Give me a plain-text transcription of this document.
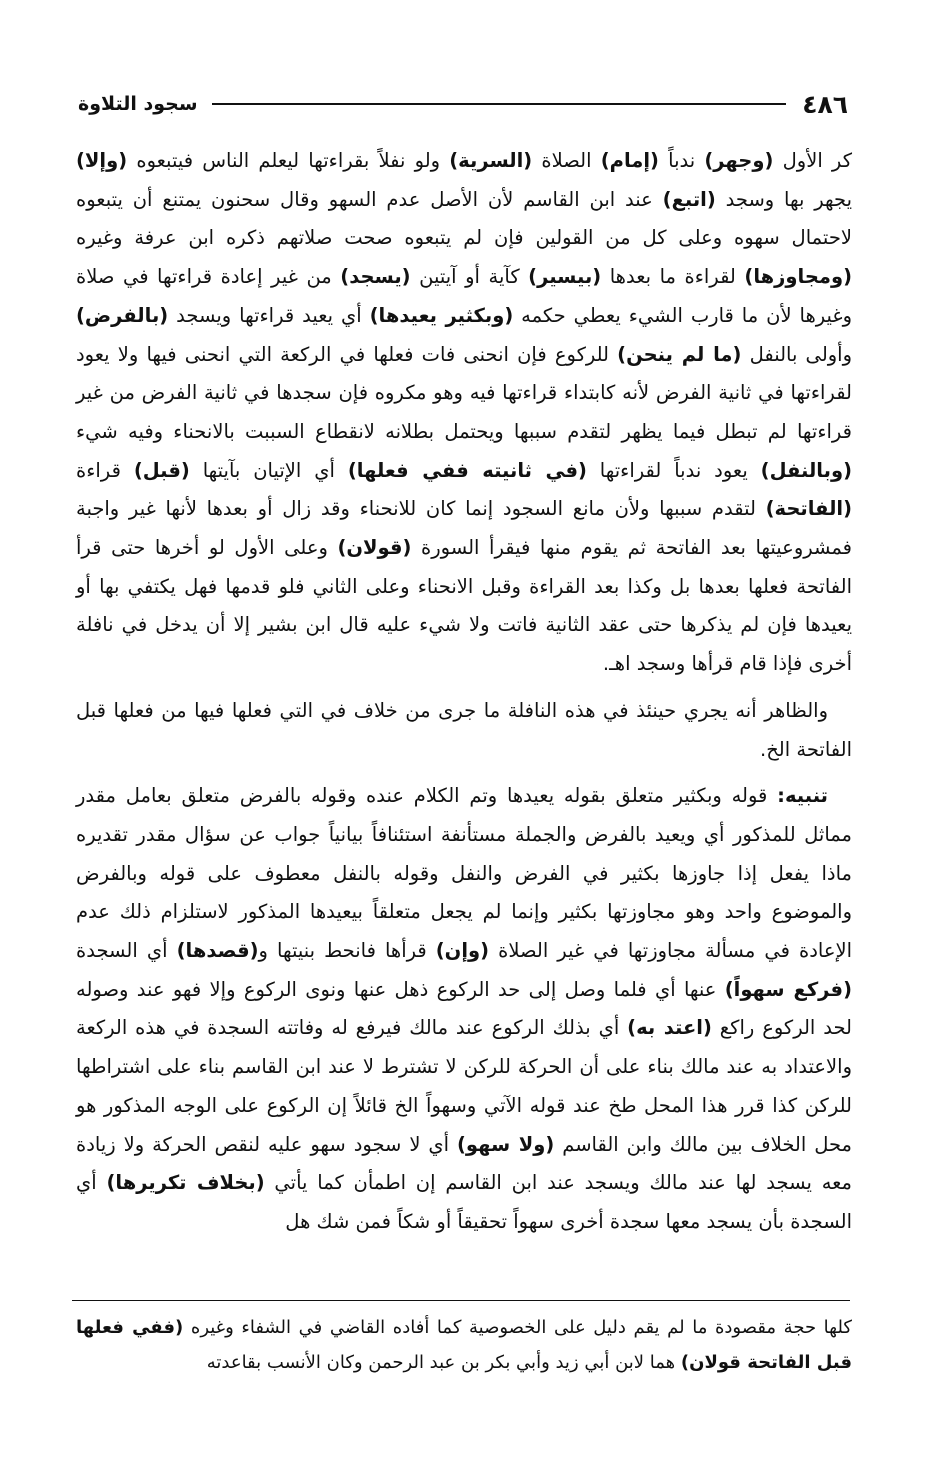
٤٨٦
سجود التلاوة

كر الأول (وجهر) ندباً (إمام) الصلاة (السرية) ولو نفلاً بقراءتها ليعلم الناس فيتبعوه (وإلا) يجهر بها وسجد (اتبع) عند ابن القاسم لأن الأصل عدم السهو وقال سحنون يمتنع أن يتبعوه لاحتمال سهوه وعلى كل من القولين فإن لم يتبعوه صحت صلاتهم ذكره ابن عرفة وغيره (ومجاوزها) لقراءة ما بعدها (بيسير) كآية أو آيتين (يسجد) من غير إعادة قراءتها في صلاة وغيرها لأن ما قارب الشيء يعطي حكمه (وبكثير يعيدها) أي يعيد قراءتها ويسجد (بالفرض) وأولى بالنفل (ما لم ينحن) للركوع فإن انحنى فات فعلها في الركعة التي انحنى فيها ولا يعود لقراءتها في ثانية الفرض لأنه كابتداء قراءتها فيه وهو مكروه فإن سجدها في ثانية الفرض من غير قراءتها لم تبطل فيما يظهر لتقدم سببها ويحتمل بطلانه لانقطاع السببت بالانحناء وفيه شيء (وبالنفل) يعود ندباً لقراءتها (في ثانيته ففي فعلها) أي الإتيان بآيتها (قبل) قراءة (الفاتحة) لتقدم سببها ولأن مانع السجود إنما كان للانحناء وقد زال أو بعدها لأنها غير واجبة فمشروعيتها بعد الفاتحة ثم يقوم منها فيقرأ السورة (قولان) وعلى الأول لو أخرها حتى قرأ الفاتحة فعلها بعدها بل وكذا بعد القراءة وقبل الانحناء وعلى الثاني فلو قدمها فهل يكتفي بها أو يعيدها فإن لم يذكرها حتى عقد الثانية فاتت ولا شيء عليه قال ابن بشير إلا أن يدخل في نافلة أخرى فإذا قام قرأها وسجد اهـ.

والظاهر أنه يجري حينئذ في هذه النافلة ما جرى من خلاف في التي فعلها فيها من فعلها قبل الفاتحة الخ.

تنبيه: قوله وبكثير متعلق بقوله يعيدها وتم الكلام عنده وقوله بالفرض متعلق بعامل مقدر مماثل للمذكور أي ويعيد بالفرض والجملة مستأنفة استئنافاً بيانياً جواب عن سؤال مقدر تقديره ماذا يفعل إذا جاوزها بكثير في الفرض والنفل وقوله بالنفل معطوف على قوله وبالفرض والموضوع واحد وهو مجاوزتها بكثير وإنما لم يجعل متعلقاً بيعيدها المذكور لاستلزام ذلك عدم الإعادة في مسألة مجاوزتها في غير الصلاة (وإن) قرأها فانحط بنيتها و(قصدها) أي السجدة (فركع سهواً) عنها أي فلما وصل إلى حد الركوع ذهل عنها ونوى الركوع وإلا فهو عند وصوله لحد الركوع راكع (اعتد به) أي بذلك الركوع عند مالك فيرفع له وفاتته السجدة في هذه الركعة والاعتداد به عند مالك بناء على أن الحركة للركن لا تشترط لا عند ابن القاسم بناء على اشتراطها للركن كذا قرر هذا المحل طخ عند قوله الآتي وسهواً الخ قائلاً إن الركوع على الوجه المذكور هو محل الخلاف بين مالك وابن القاسم (ولا سهو) أي لا سجود سهو عليه لنقص الحركة ولا زيادة معه يسجد لها عند مالك ويسجد عند ابن القاسم إن اطمأن كما يأتي (بخلاف تكريرها) أي السجدة بأن يسجد معها سجدة أخرى سهواً تحقيقاً أو شكاً فمن شك هل

كلها حجة مقصودة ما لم يقم دليل على الخصوصية كما أفاده القاضي في الشفاء وغيره (ففي فعلها قبل الفاتحة قولان) هما لابن أبي زيد وأبي بكر بن عبد الرحمن وكان الأنسب بقاعدته
